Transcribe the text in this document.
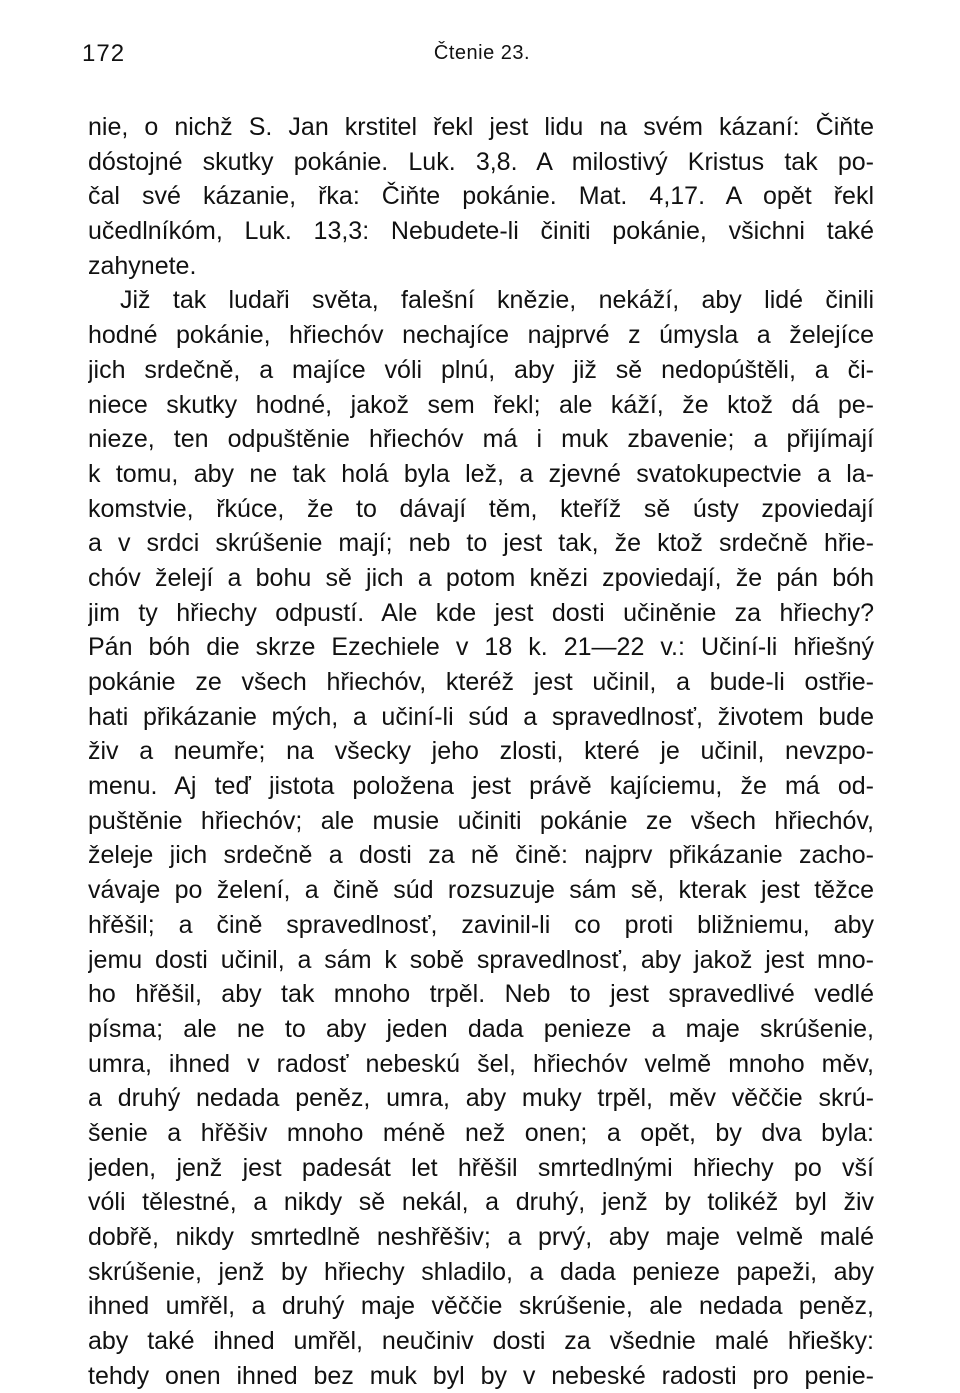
172	Čtenie 23.
nie, o nichž S. Jan krstitel řekl jest lidu na svém kázaní: Čiňte
dóstojné skutky pokánie. Luk. 3,8. A milostivý Kristus tak po-
čal své kázanie, řka: Čiňte pokánie. Mat. 4,17. A opět řekl
učedlníkóm, Luk. 13,3: Nebudete-li činiti pokánie, všichni také
zahynete.
Již tak ludaři světa, falešní knězie, nekáží, aby lidé činili
hodné pokánie, hřiechóv nechajíce najprvé z úmysla a želejíce
jich srdečně, a majíce vóli plnú, aby již sě nedopúštěli, a či-
niece skutky hodné, jakož sem řekl; ale káží, že ktož dá pe-
nieze, ten odpuštěnie hřiechóv má i muk zbavenie; a přijímají
k tomu, aby ne tak holá byla lež, a zjevné svatokupectvie a la-
komstvie, řkúce, že to dávají těm, kteříž sě ústy zpoviedají
a v srdci skrúšenie mají; neb to jest tak, že ktož srdečně hřie-
chóv želejí a bohu sě jich a potom knězi zpoviedají, že pán bóh
jim ty hřiechy odpustí. Ale kde jest dosti učiněnie za hřiechy?
Pán bóh die skrze Ezechiele v 18 k. 21—22 v.: Učiní-li hřiešný
pokánie ze všech hřiechóv, kteréž jest učinil, a bude-li ostřie-
hati přikázanie mých, a učiní-li súd a spravedlnosť, životem bude
živ a neumře; na všecky jeho zlosti, které je učinil, nevzpo-
menu. Aj teď jistota položena jest právě kajíciemu, že má od-
puštěnie hřiechóv; ale musie učiniti pokánie ze všech hřiechóv,
želeje jich srdečně a dosti za ně čině: najprv přikázanie zacho-
vávaje po želení, a čině súd rozsuzuje sám sě, kterak jest těžce
hřěšil; a čině spravedlnosť, zavinil-li co proti bližniemu, aby
jemu dosti učinil, a sám k sobě spravedlnosť, aby jakož jest mno-
ho hřěšil, aby tak mnoho trpěl. Neb to jest spravedlivé vedlé
písma; ale ne to aby jeden dada penieze a maje skrúšenie,
umra, ihned v radosť nebeskú šel, hřiechóv velmě mnoho měv,
a druhý nedada peněz, umra, aby muky trpěl, měv věččie skrú-
šenie a hřěšiv mnoho méně než onen; a opět, by dva byla:
jeden, jenž jest padesát let hřěšil smrtedlnými hřiechy po vší
vóli tělestné, a nikdy sě nekál, a druhý, jenž by tolikéž byl živ
dobřě, nikdy smrtedlně neshřěšiv; a prvý, aby maje velmě malé
skrúšenie, jenž by hřiechy shladilo, a dada penieze papeži, aby
ihned umřěl, a druhý maje věččie skrúšenie, ale nedada peněz,
aby také ihned umřěl, neučiniv dosti za všednie malé hřiešky:
tehdy onen ihned bez muk byl by v nebeské radosti pro penie-
